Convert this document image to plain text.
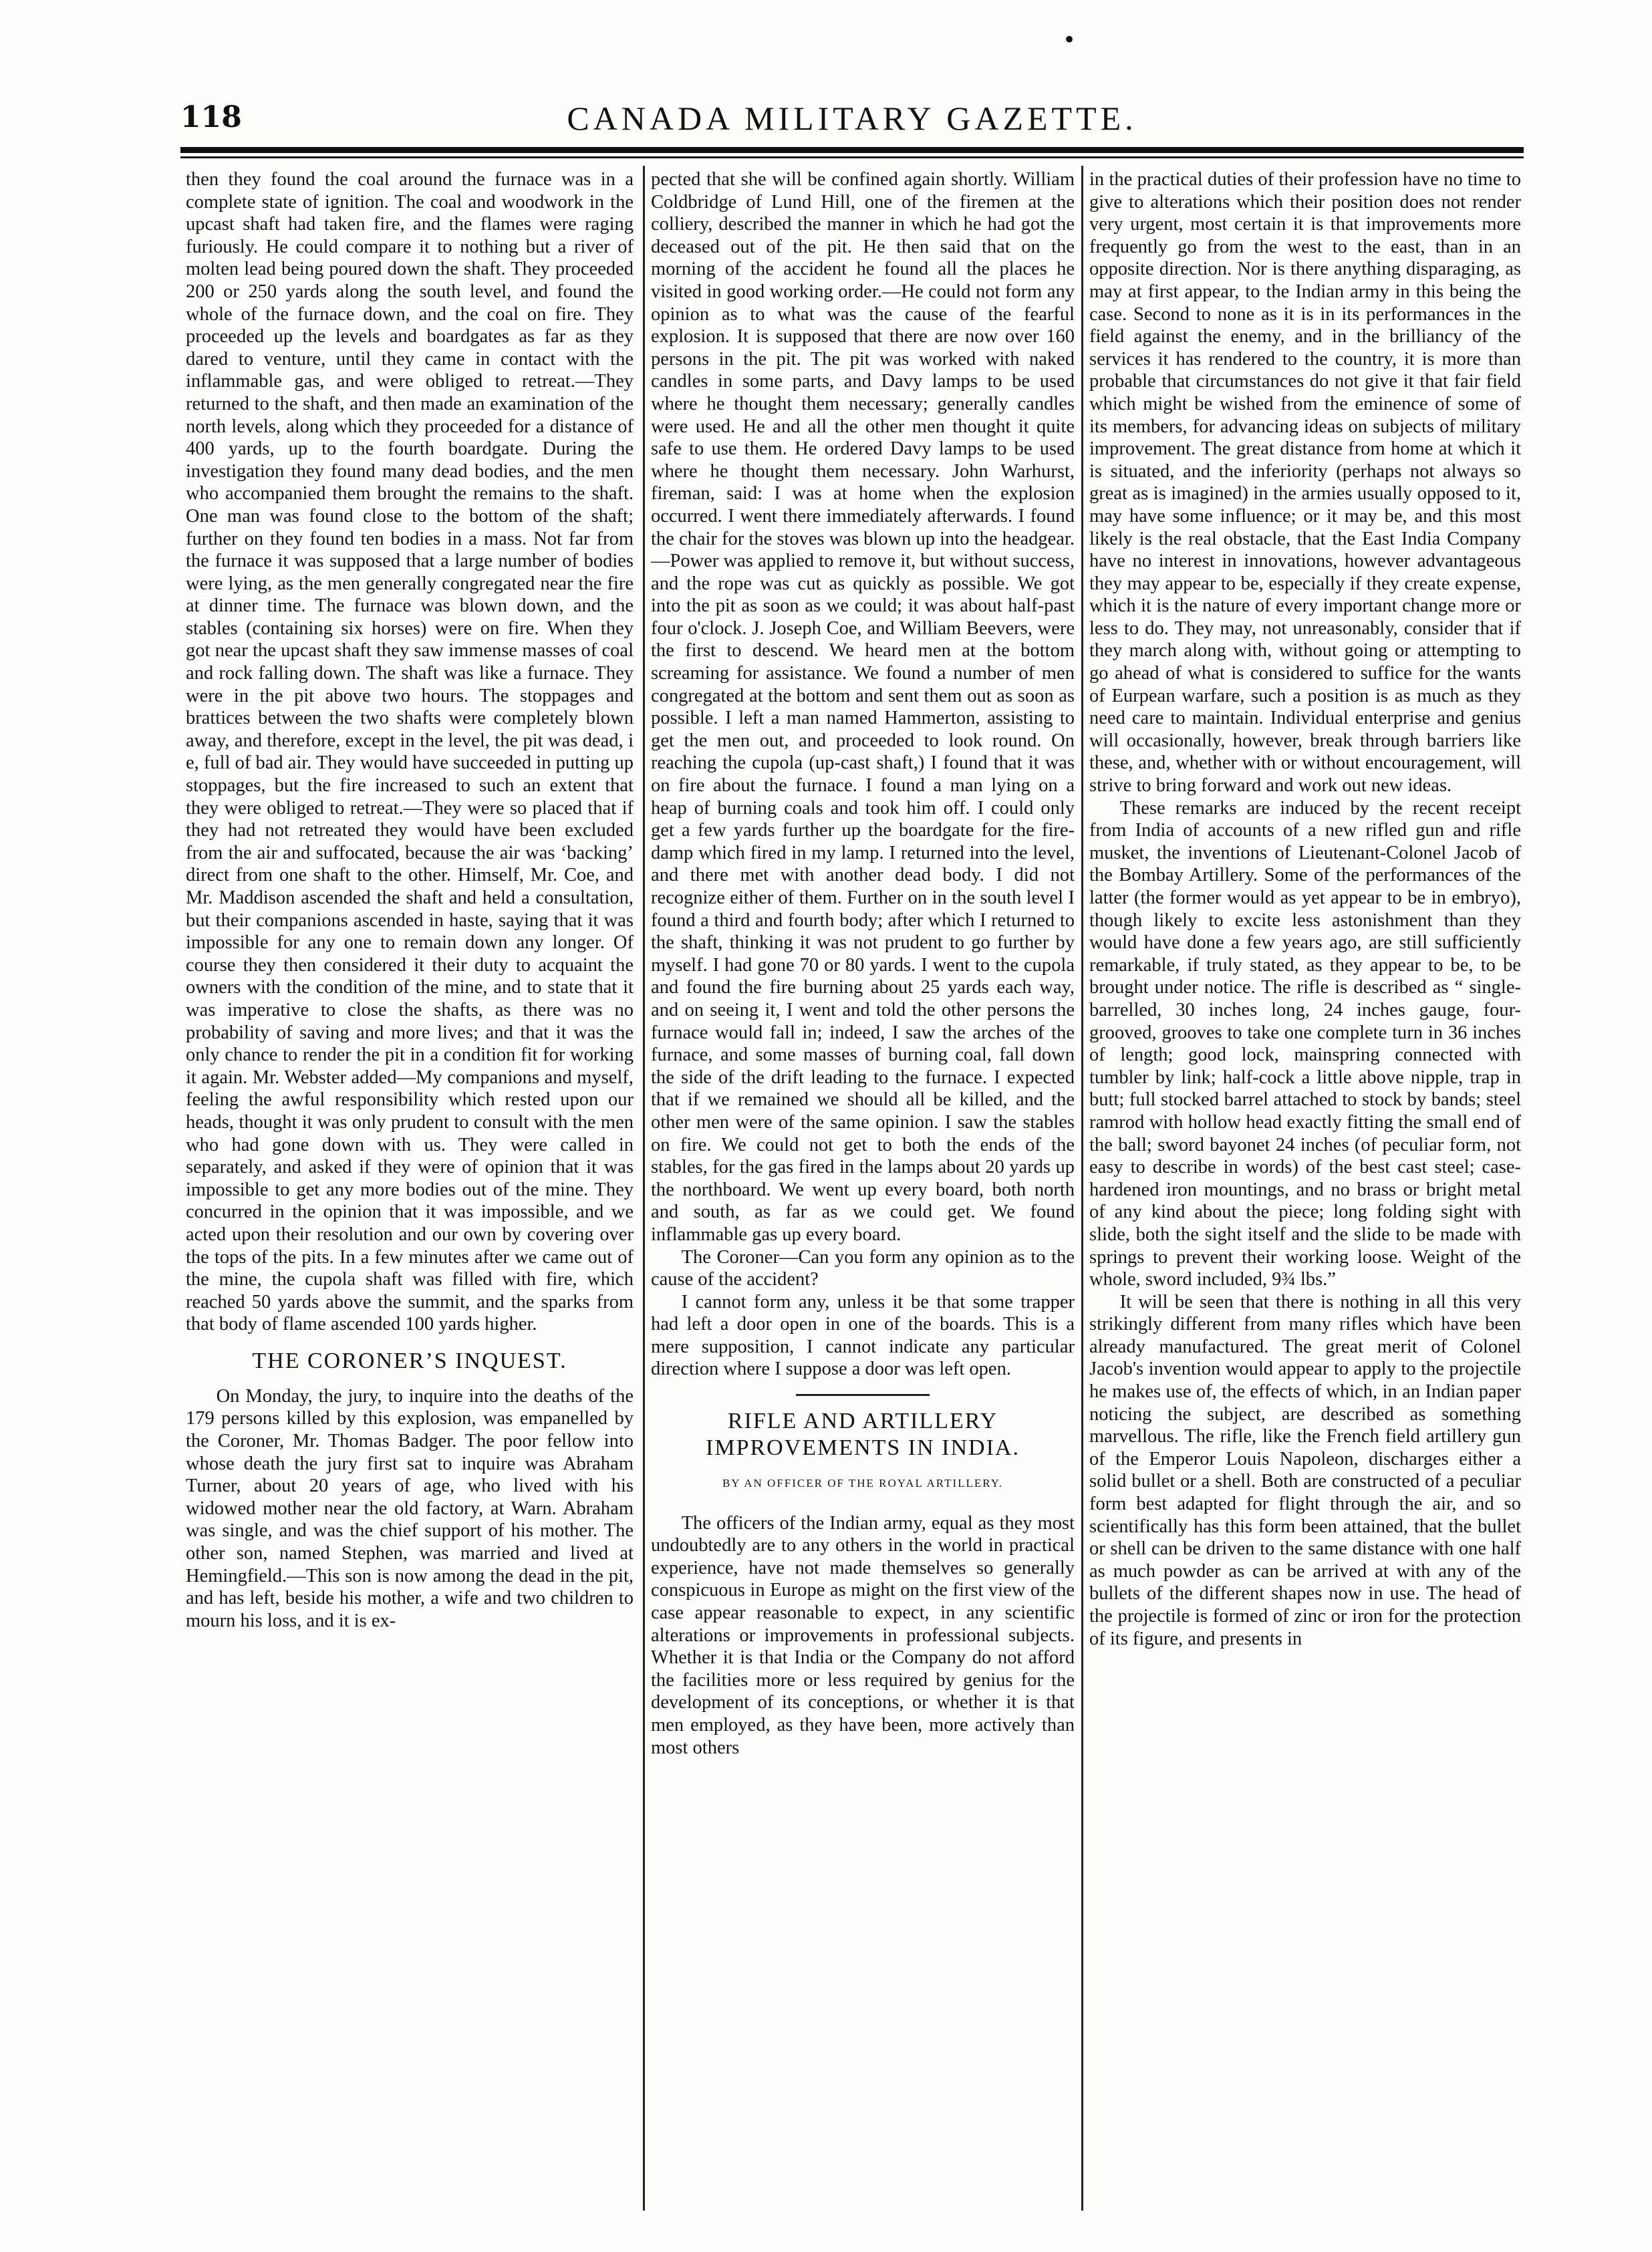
•
118	CANADA MILITARY GAZETTE.

then they found the coal around the furnace was in a complete state of ignition. The coal and woodwork in the upcast shaft had taken fire, and the flames were raging furiously. He could compare it to nothing but a river of molten lead being poured down the shaft. They proceeded 200 or 250 yards along the south level, and found the whole of the furnace down, and the coal on fire. They proceeded up the levels and boardgates as far as they dared to venture, until they came in contact with the inflammable gas, and were obliged to retreat.—They returned to the shaft, and then made an examination of the north levels, along which they proceeded for a distance of 400 yards, up to the fourth boardgate. During the investigation they found many dead bodies, and the men who accompanied them brought the remains to the shaft. One man was found close to the bottom of the shaft; further on they found ten bodies in a mass. Not far from the furnace it was supposed that a large number of bodies were lying, as the men generally congregated near the fire at dinner time. The furnace was blown down, and the stables (containing six horses) were on fire. When they got near the upcast shaft they saw immense masses of coal and rock falling down. The shaft was like a furnace. They were in the pit above two hours. The stoppages and brattices between the two shafts were completely blown away, and therefore, except in the level, the pit was dead, i e, full of bad air. They would have succeeded in putting up stoppages, but the fire increased to such an extent that they were obliged to retreat.—They were so placed that if they had not retreated they would have been excluded from the air and suffocated, because the air was ‘backing’ direct from one shaft to the other. Himself, Mr. Coe, and Mr. Maddison ascended the shaft and held a consultation, but their companions ascended in haste, saying that it was impossible for any one to remain down any longer. Of course they then considered it their duty to acquaint the owners with the condition of the mine, and to state that it was imperative to close the shafts, as there was no probability of saving and more lives; and that it was the only chance to render the pit in a condition fit for working it again. Mr. Webster added—My companions and myself, feeling the awful responsibility which rested upon our heads, thought it was only prudent to consult with the men who had gone down with us. They were called in separately, and asked if they were of opinion that it was impossible to get any more bodies out of the mine. They concurred in the opinion that it was impossible, and we acted upon their resolution and our own by covering over the tops of the pits. In a few minutes after we came out of the mine, the cupola shaft was filled with fire, which reached 50 yards above the summit, and the sparks from that body of flame ascended 100 yards higher.

THE CORONER’S INQUEST.

On Monday, the jury, to inquire into the deaths of the 179 persons killed by this explosion, was empanelled by the Coroner, Mr. Thomas Badger. The poor fellow into whose death the jury first sat to inquire was Abraham Turner, about 20 years of age, who lived with his widowed mother near the old factory, at Warn. Abraham was single, and was the chief support of his mother. The other son, named Stephen, was married and lived at Hemingfield.—This son is now among the dead in the pit, and has left, beside his mother, a wife and two children to mourn his loss, and it is ex-

pected that she will be confined again shortly. William Coldbridge of Lund Hill, one of the firemen at the colliery, described the manner in which he had got the deceased out of the pit. He then said that on the morning of the accident he found all the places he visited in good working order.—He could not form any opinion as to what was the cause of the fearful explosion. It is supposed that there are now over 160 persons in the pit. The pit was worked with naked candles in some parts, and Davy lamps to be used where he thought them necessary; generally candles were used. He and all the other men thought it quite safe to use them. He ordered Davy lamps to be used where he thought them necessary. John Warhurst, fireman, said: I was at home when the explosion occurred. I went there immediately afterwards. I found the chair for the stoves was blown up into the headgear.—Power was applied to remove it, but without success, and the rope was cut as quickly as possible. We got into the pit as soon as we could; it was about half-past four o'clock. J. Joseph Coe, and William Beevers, were the first to descend. We heard men at the bottom screaming for assistance. We found a number of men congregated at the bottom and sent them out as soon as possible. I left a man named Hammerton, assisting to get the men out, and proceeded to look round. On reaching the cupola (up-cast shaft,) I found that it was on fire about the furnace. I found a man lying on a heap of burning coals and took him off. I could only get a few yards further up the boardgate for the fire-damp which fired in my lamp. I returned into the level, and there met with another dead body. I did not recognize either of them. Further on in the south level I found a third and fourth body; after which I returned to the shaft, thinking it was not prudent to go further by myself. I had gone 70 or 80 yards. I went to the cupola and found the fire burning about 25 yards each way, and on seeing it, I went and told the other persons the furnace would fall in; indeed, I saw the arches of the furnace, and some masses of burning coal, fall down the side of the drift leading to the furnace. I expected that if we remained we should all be killed, and the other men were of the same opinion. I saw the stables on fire. We could not get to both the ends of the stables, for the gas fired in the lamps about 20 yards up the northboard. We went up every board, both north and south, as far as we could get. We found inflammable gas up every board.

The Coroner—Can you form any opinion as to the cause of the accident?

I cannot form any, unless it be that some trapper had left a door open in one of the boards. This is a mere supposition, I cannot indicate any particular direction where I suppose a door was left open.

RIFLE AND ARTILLERY IMPROVEMENTS IN INDIA.
BY AN OFFICER OF THE ROYAL ARTILLERY.

The officers of the Indian army, equal as they most undoubtedly are to any others in the world in practical experience, have not made themselves so generally conspicuous in Europe as might on the first view of the case appear reasonable to expect, in any scientific alterations or improvements in professional subjects. Whether it is that India or the Company do not afford the facilities more or less required by genius for the development of its conceptions, or whether it is that men employed, as they have been, more actively than most others

in the practical duties of their profession have no time to give to alterations which their position does not render very urgent, most certain it is that improvements more frequently go from the west to the east, than in an opposite direction. Nor is there anything disparaging, as may at first appear, to the Indian army in this being the case. Second to none as it is in its performances in the field against the enemy, and in the brilliancy of the services it has rendered to the country, it is more than probable that circumstances do not give it that fair field which might be wished from the eminence of some of its members, for advancing ideas on subjects of military improvement. The great distance from home at which it is situated, and the inferiority (perhaps not always so great as is imagined) in the armies usually opposed to it, may have some influence; or it may be, and this most likely is the real obstacle, that the East India Company have no interest in innovations, however advantageous they may appear to be, especially if they create expense, which it is the nature of every important change more or less to do. They may, not unreasonably, consider that if they march along with, without going or attempting to go ahead of what is considered to suffice for the wants of Eurpean warfare, such a position is as much as they need care to maintain. Individual enterprise and genius will occasionally, however, break through barriers like these, and, whether with or without encouragement, will strive to bring forward and work out new ideas.

These remarks are induced by the recent receipt from India of accounts of a new rifled gun and rifle musket, the inventions of Lieutenant-Colonel Jacob of the Bombay Artillery. Some of the performances of the latter (the former would as yet appear to be in embryo), though likely to excite less astonishment than they would have done a few years ago, are still sufficiently remarkable, if truly stated, as they appear to be, to be brought under notice. The rifle is described as “ single-barrelled, 30 inches long, 24 inches gauge, four-grooved, grooves to take one complete turn in 36 inches of length; good lock, mainspring connected with tumbler by link; half-cock a little above nipple, trap in butt; full stocked barrel attached to stock by bands; steel ramrod with hollow head exactly fitting the small end of the ball; sword bayonet 24 inches (of peculiar form, not easy to describe in words) of the best cast steel; case-hardened iron mountings, and no brass or bright metal of any kind about the piece; long folding sight with slide, both the sight itself and the slide to be made with springs to prevent their working loose. Weight of the whole, sword included, 9¾ lbs.”

It will be seen that there is nothing in all this very strikingly different from many rifles which have been already manufactured. The great merit of Colonel Jacob's invention would appear to apply to the projectile he makes use of, the effects of which, in an Indian paper noticing the subject, are described as something marvellous. The rifle, like the French field artillery gun of the Emperor Louis Napoleon, discharges either a solid bullet or a shell. Both are constructed of a peculiar form best adapted for flight through the air, and so scientifically has this form been attained, that the bullet or shell can be driven to the same distance with one half as much powder as can be arrived at with any of the bullets of the different shapes now in use. The head of the projectile is formed of zinc or iron for the protection of its figure, and presents in
